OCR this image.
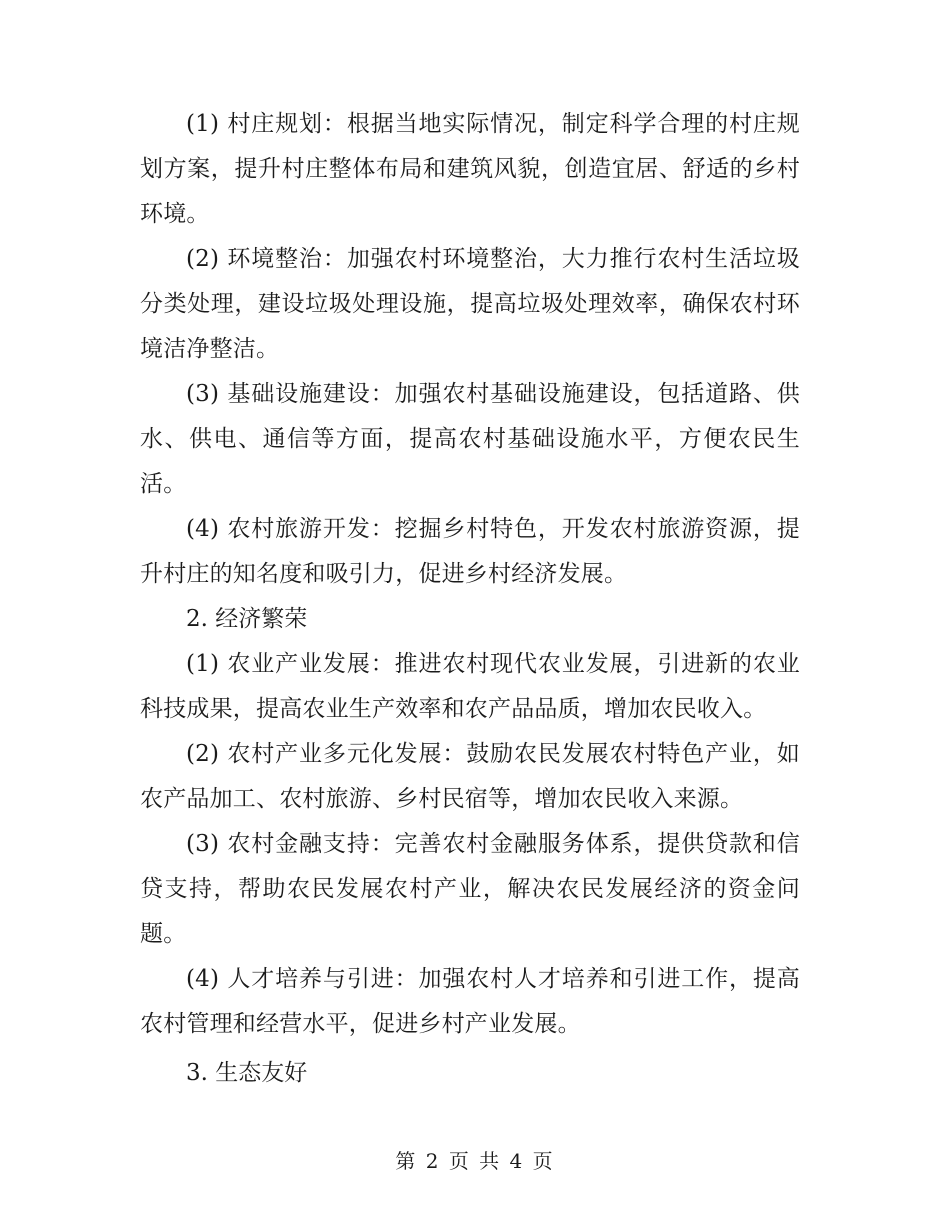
(1) 村庄规划：根据当地实际情况，制定科学合理的村庄规划方案，提升村庄整体布局和建筑风貌，创造宜居、舒适的乡村环境。

(2) 环境整治：加强农村环境整治，大力推行农村生活垃圾分类处理，建设垃圾处理设施，提高垃圾处理效率，确保农村环境洁净整洁。

(3) 基础设施建设：加强农村基础设施建设，包括道路、供水、供电、通信等方面，提高农村基础设施水平，方便农民生活。

(4) 农村旅游开发：挖掘乡村特色，开发农村旅游资源，提升村庄的知名度和吸引力，促进乡村经济发展。

2. 经济繁荣

(1) 农业产业发展：推进农村现代农业发展，引进新的农业科技成果，提高农业生产效率和农产品品质，增加农民收入。

(2) 农村产业多元化发展：鼓励农民发展农村特色产业，如农产品加工、农村旅游、乡村民宿等，增加农民收入来源。

(3) 农村金融支持：完善农村金融服务体系，提供贷款和信贷支持，帮助农民发展农村产业，解决农民发展经济的资金问题。

(4) 人才培养与引进：加强农村人才培养和引进工作，提高农村管理和经营水平，促进乡村产业发展。

3. 生态友好

第 2 页 共 4 页
